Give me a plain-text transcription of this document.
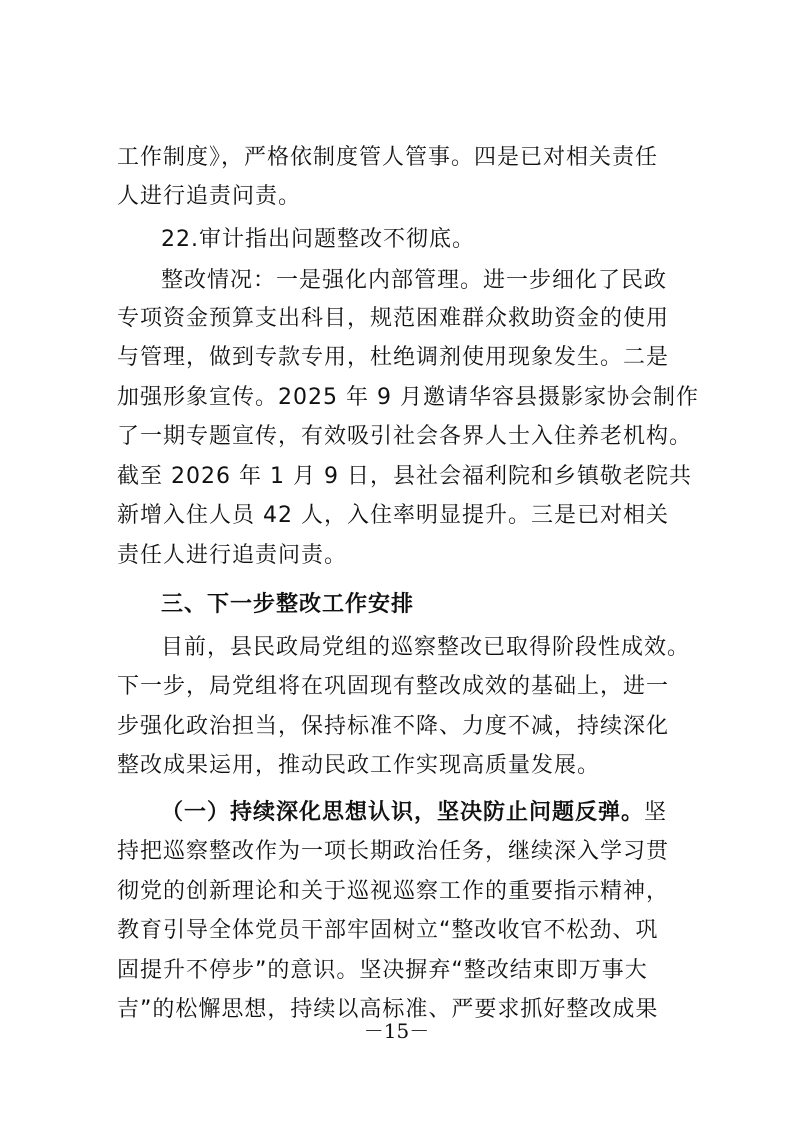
工作制度》，严格依制度管人管事。四是已对相关责任
人进行追责问责。
22.审计指出问题整改不彻底。
整改情况：一是强化内部管理。进一步细化了民政
专项资金预算支出科目，规范困难群众救助资金的使用
与管理，做到专款专用，杜绝调剂使用现象发生。二是
加强形象宣传。2025 年 9 月邀请华容县摄影家协会制作
了一期专题宣传，有效吸引社会各界人士入住养老机构。
截至 2026 年 1 月 9 日，县社会福利院和乡镇敬老院共
新增入住人员 42 人，入住率明显提升。三是已对相关
责任人进行追责问责。
三、下一步整改工作安排
目前，县民政局党组的巡察整改已取得阶段性成效。
下一步，局党组将在巩固现有整改成效的基础上，进一
步强化政治担当，保持标准不降、力度不减，持续深化
整改成果运用，推动民政工作实现高质量发展。
（一）持续深化思想认识，坚决防止问题反弹。坚
持把巡察整改作为一项长期政治任务，继续深入学习贯
彻党的创新理论和关于巡视巡察工作的重要指示精神，
教育引导全体党员干部牢固树立“整改收官不松劲、巩
固提升不停步”的意识。坚决摒弃“整改结束即万事大
吉”的松懈思想，持续以高标准、严要求抓好整改成果
－15－
